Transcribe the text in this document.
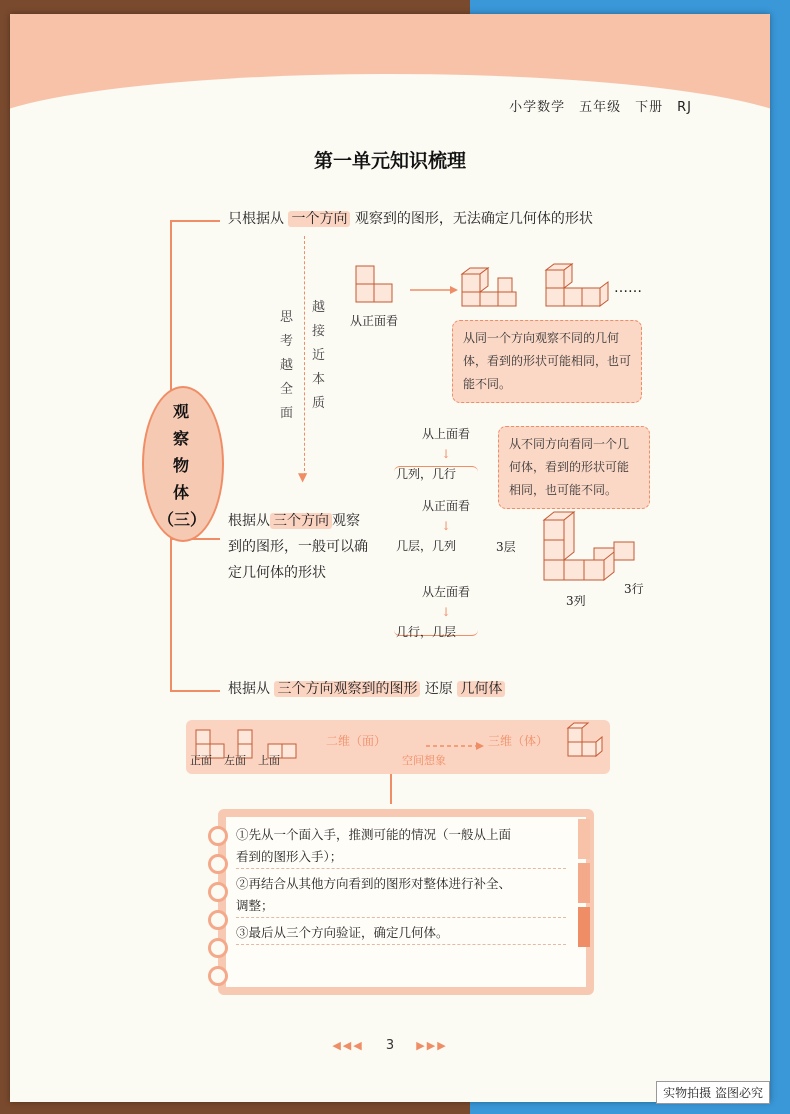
小学数学 五年级 下册 RJ
第一单元知识梳理
观
察
物
体
（三）
只根据从 一个方向 观察到的图形，无法确定几何体的形状
▼
思考越全面
越接近本质
……
从正面看
从同一个方向观察不同的几何体，看到的形状可能相同，也可能不同。
从上面看
↓
几列，几行
从正面看
↓
几层，几列
从左面看
↓
几行，几层
从不同方向看同一个几何体，看到的形状可能相同，也可能不同。
根据从 三个方向 观察
到的图形，一般可以确
定几何体的形状
3层
3行
3列
根据从 三个方向观察到的图形 还原 几何体
正面 左面 上面
二维（面）
空间想象
三维（体）
①先从一个面入手，推测可能的情况（一般从上面
看到的图形入手）；
②再结合从其他方向看到的图形对整体进行补全、
调整；
③最后从三个方向验证，确定几何体。
◀◀◀ 3 ▶▶▶
实物拍摄 盗图必究
